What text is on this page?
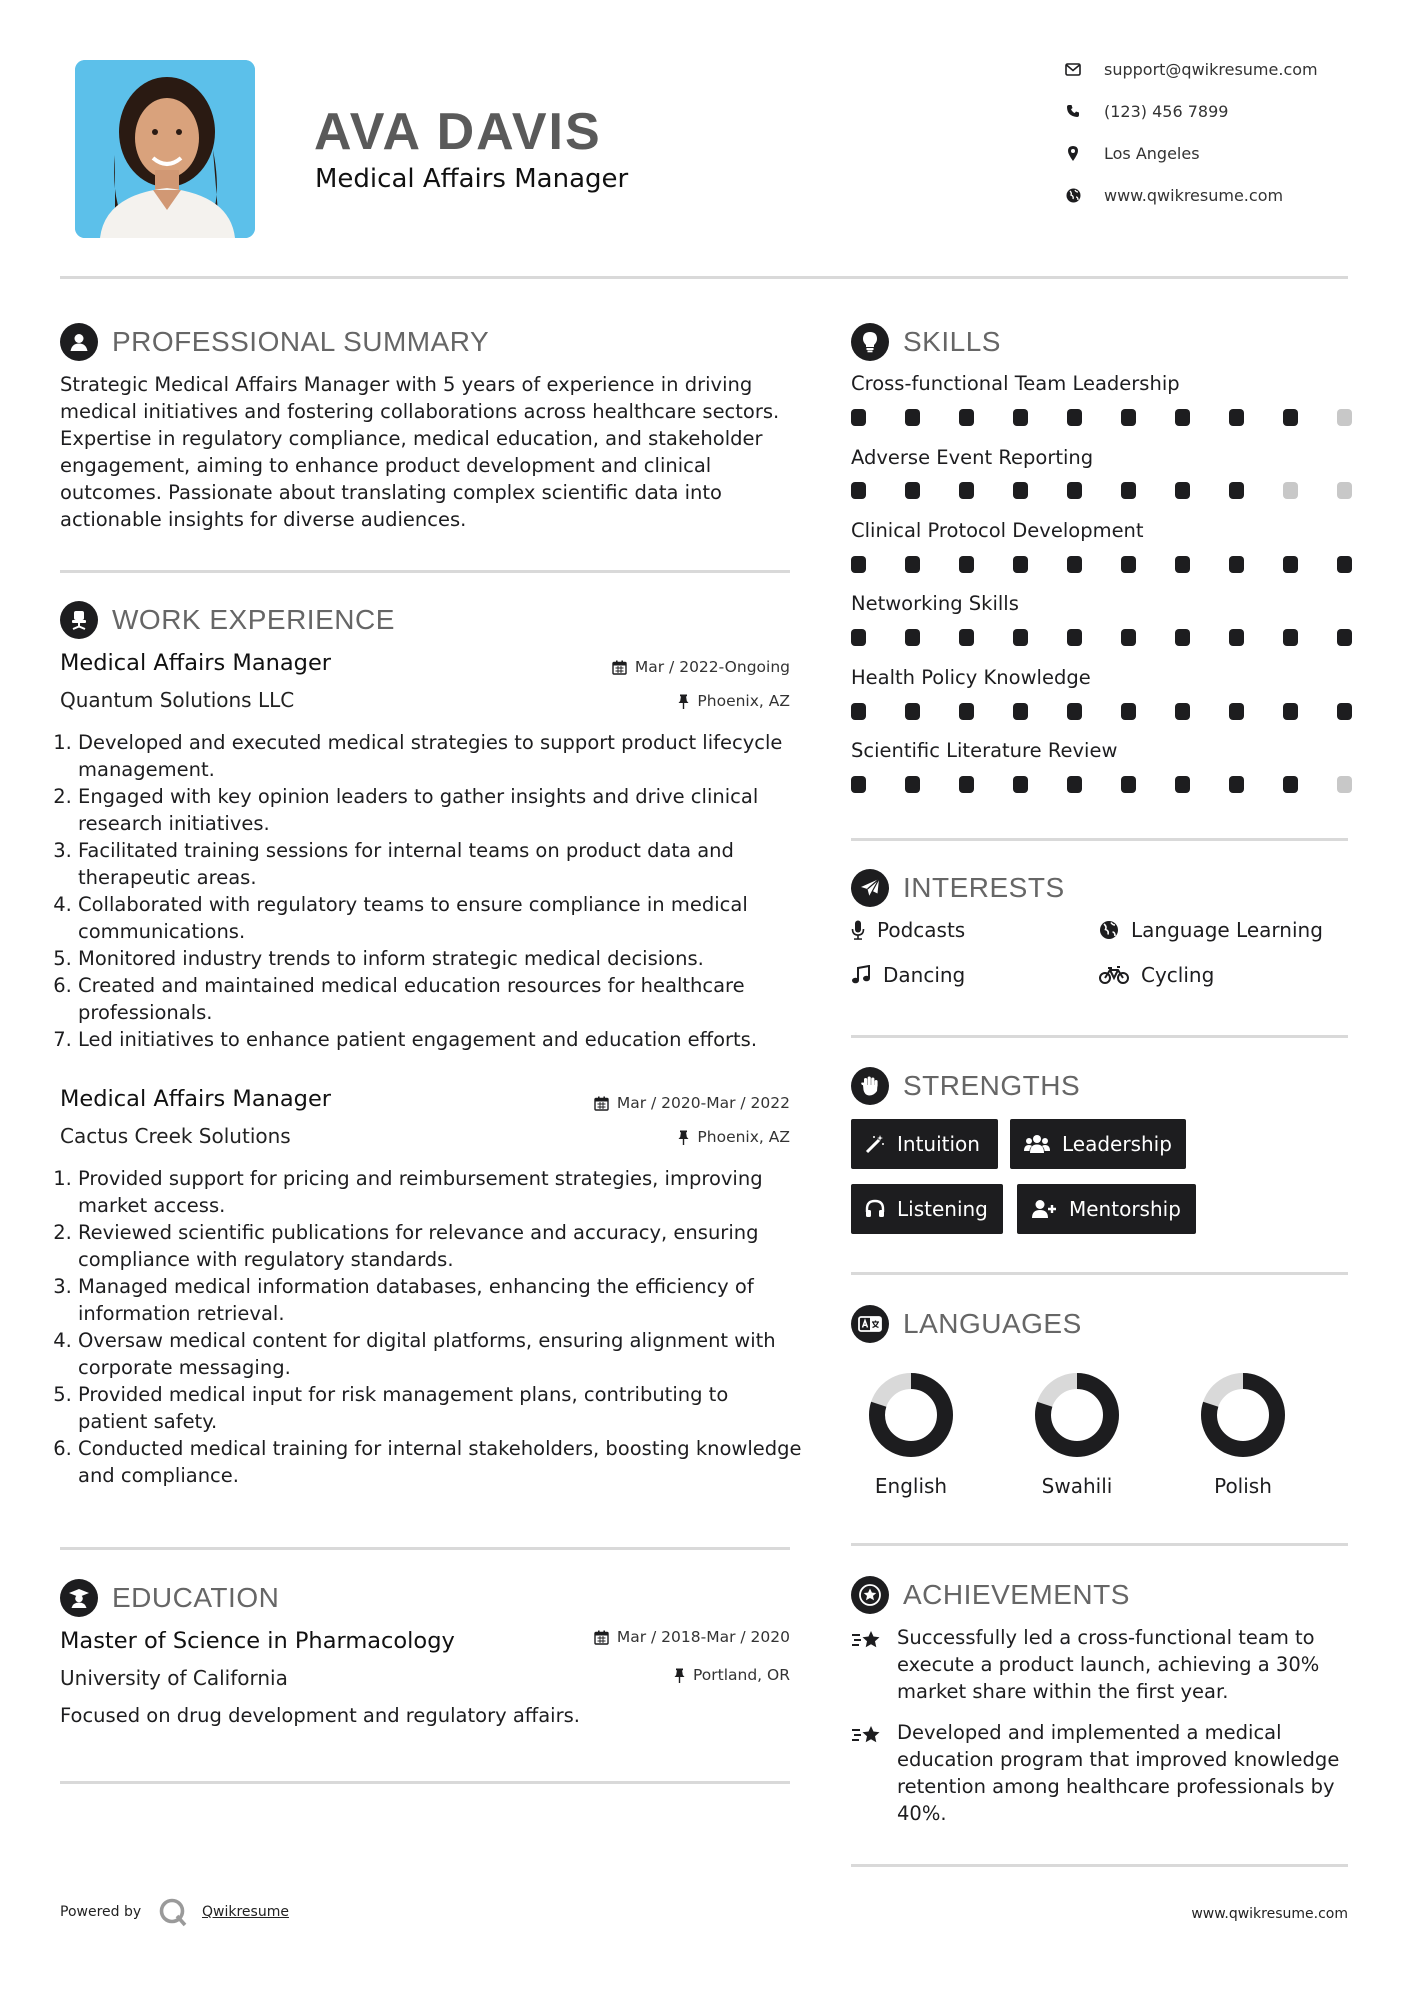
AVA DAVIS
Medical Affairs Manager
support@qwikresume.com
(123) 456 7899
Los Angeles
www.qwikresume.com
PROFESSIONAL SUMMARY
Strategic Medical Affairs Manager with 5 years of experience in driving medical initiatives and fostering collaborations across healthcare sectors. Expertise in regulatory compliance, medical education, and stakeholder engagement, aiming to enhance product development and clinical outcomes. Passionate about translating complex scientific data into actionable insights for diverse audiences.
WORK EXPERIENCE
Medical Affairs Manager	Mar / 2022-Ongoing
Quantum Solutions LLC	Phoenix, AZ
1. Developed and executed medical strategies to support product lifecycle management.
2. Engaged with key opinion leaders to gather insights and drive clinical research initiatives.
3. Facilitated training sessions for internal teams on product data and therapeutic areas.
4. Collaborated with regulatory teams to ensure compliance in medical communications.
5. Monitored industry trends to inform strategic medical decisions.
6. Created and maintained medical education resources for healthcare professionals.
7. Led initiatives to enhance patient engagement and education efforts.
Medical Affairs Manager	Mar / 2020-Mar / 2022
Cactus Creek Solutions	Phoenix, AZ
1. Provided support for pricing and reimbursement strategies, improving market access.
2. Reviewed scientific publications for relevance and accuracy, ensuring compliance with regulatory standards.
3. Managed medical information databases, enhancing the efficiency of information retrieval.
4. Oversaw medical content for digital platforms, ensuring alignment with corporate messaging.
5. Provided medical input for risk management plans, contributing to patient safety.
6. Conducted medical training for internal stakeholders, boosting knowledge and compliance.
EDUCATION
Master of Science in Pharmacology	Mar / 2018-Mar / 2020
University of California	Portland, OR
Focused on drug development and regulatory affairs.
SKILLS
Cross-functional Team Leadership
Adverse Event Reporting
Clinical Protocol Development
Networking Skills
Health Policy Knowledge
Scientific Literature Review
INTERESTS
Podcasts	Language Learning
Dancing	Cycling
STRENGTHS
Intuition	Leadership
Listening	Mentorship
LANGUAGES
English	Swahili	Polish
ACHIEVEMENTS
Successfully led a cross-functional team to execute a product launch, achieving a 30% market share within the first year.
Developed and implemented a medical education program that improved knowledge retention among healthcare professionals by 40%.
Powered by	Qwikresume	www.qwikresume.com
